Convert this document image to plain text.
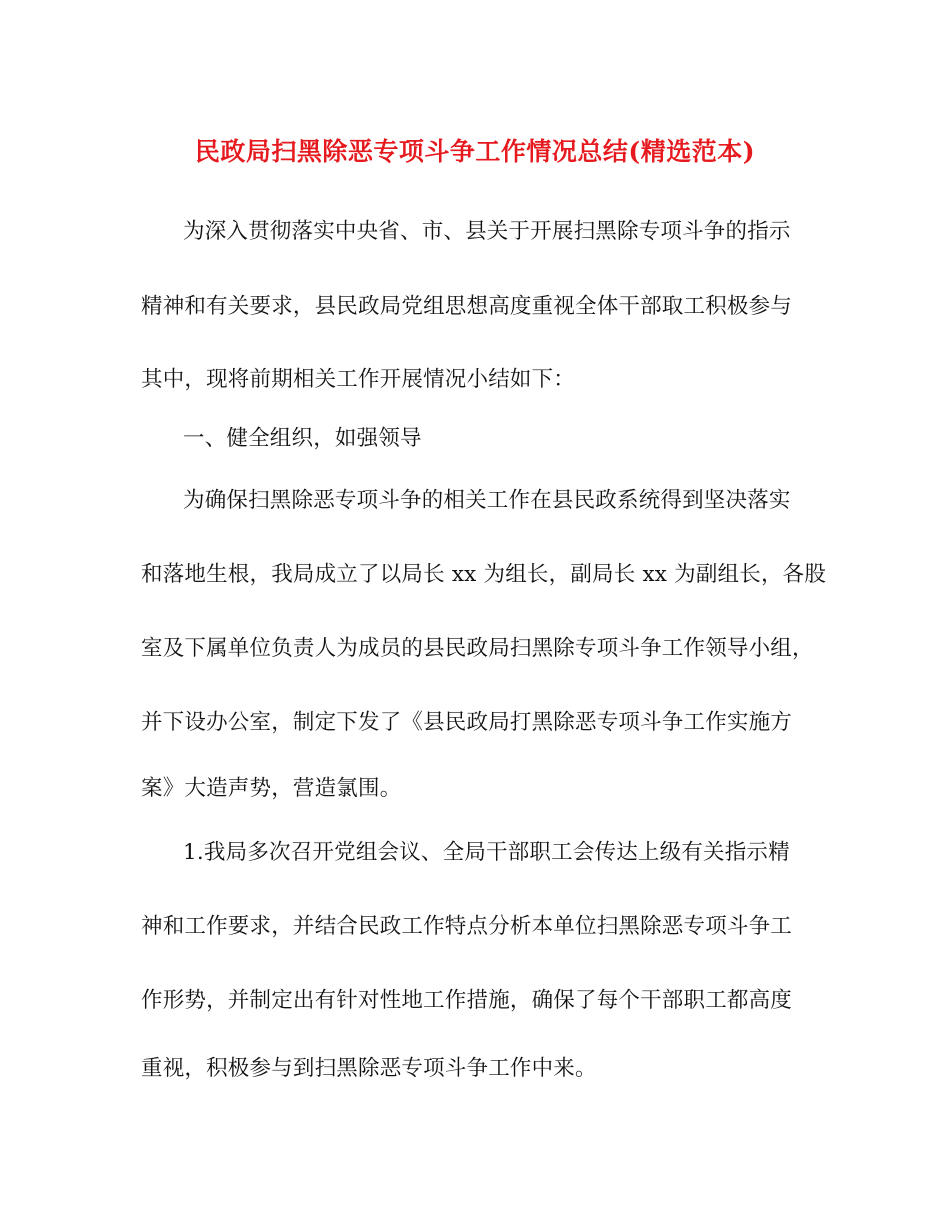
民政局扫黑除恶专项斗争工作情况总结(精选范本)
为深入贯彻落实中央省、市、县关于开展扫黑除专项斗争的指示
精神和有关要求，县民政局党组思想高度重视全体干部取工积极参与
其中，现将前期相关工作开展情况小结如下：
一、健全组织，如强领导
为确保扫黑除恶专项斗争的相关工作在县民政系统得到坚决落实
和落地生根，我局成立了以局长 xx 为组长，副局长 xx 为副组长，各股
室及下属单位负责人为成员的县民政局扫黑除专项斗争工作领导小组，
并下设办公室，制定下发了《县民政局打黑除恶专项斗争工作实施方
案》大造声势，营造氯围。
1.我局多次召开党组会议、全局干部职工会传达上级有关指示精
神和工作要求，并结合民政工作特点分析本单位扫黑除恶专项斗争工
作形势，并制定出有针对性地工作措施，确保了每个干部职工都高度
重视，积极参与到扫黑除恶专项斗争工作中来。
